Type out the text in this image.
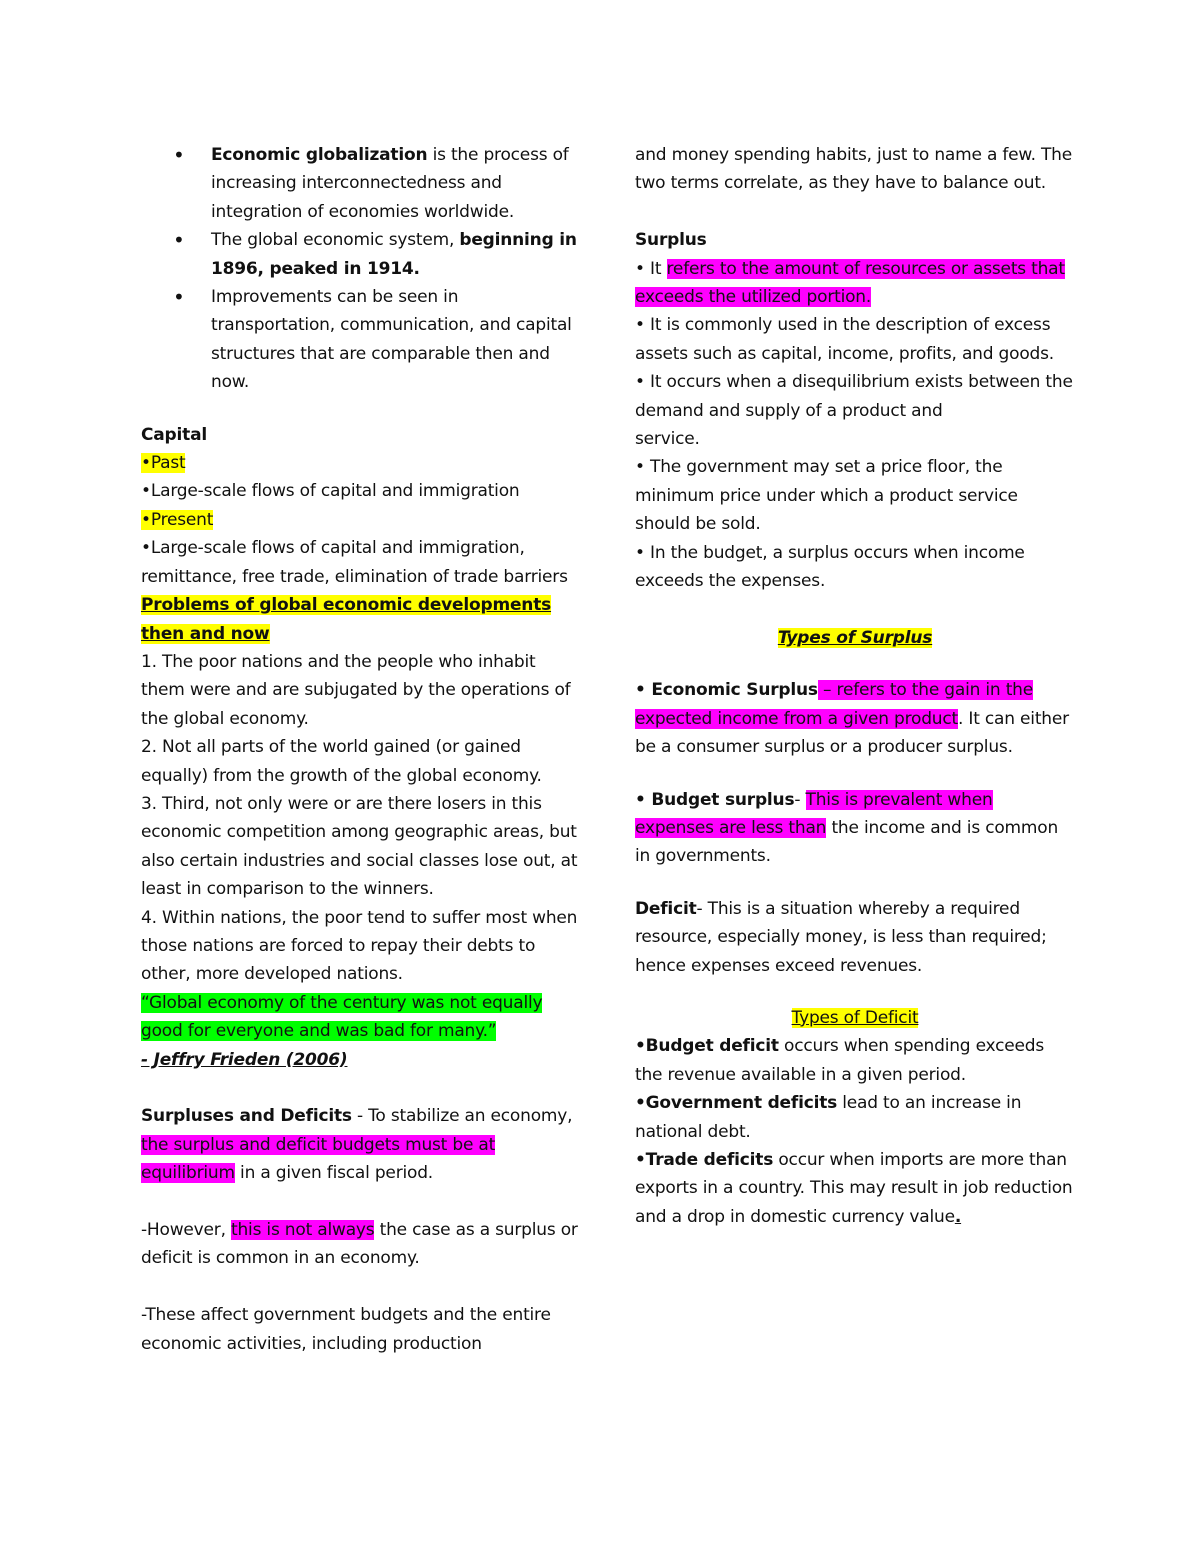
• Economic globalization is the process of increasing interconnectedness and integration of economies worldwide.
• The global economic system, beginning in 1896, peaked in 1914.
• Improvements can be seen in transportation, communication, and capital structures that are comparable then and now.

Capital

•Past

•Large-scale flows of capital and immigration

•Present

•Large-scale flows of capital and immigration, remittance, free trade, elimination of trade barriers

Problems of global economic developments then and now

1. The poor nations and the people who inhabit them were and are subjugated by the operations of the global economy.

2. Not all parts of the world gained (or gained equally) from the growth of the global economy.

3. Third, not only were or are there losers in this economic competition among geographic areas, but also certain industries and social classes lose out, at least in comparison to the winners.

4. Within nations, the poor tend to suffer most when those nations are forced to repay their debts to other, more developed nations.

“Global economy of the century was not equally good for everyone and was bad for many.”

- Jeffry Frieden (2006)

Surpluses and Deficits - To stabilize an economy, the surplus and deficit budgets must be at equilibrium in a given fiscal period.

-However, this is not always the case as a surplus or deficit is common in an economy.

-These affect government budgets and the entire economic activities, including production

and money spending habits, just to name a few. The two terms correlate, as they have to balance out.

Surplus

• It refers to the amount of resources or assets that exceeds the utilized portion.

• It is commonly used in the description of excess assets such as capital, income, profits, and goods.

• It occurs when a disequilibrium exists between the demand and supply of a product and

service.

• The government may set a price floor, the minimum price under which a product service should be sold.

• In the budget, a surplus occurs when income exceeds the expenses.

Types of Surplus

• Economic Surplus – refers to the gain in the expected income from a given product. It can either be a consumer surplus or a producer surplus.

• Budget surplus- This is prevalent when expenses are less than the income and is common in governments.

Deficit- This is a situation whereby a required resource, especially money, is less than required; hence expenses exceed revenues.

Types of Deficit

•Budget deficit occurs when spending exceeds the revenue available in a given period.

•Government deficits lead to an increase in national debt.

•Trade deficits occur when imports are more than exports in a country. This may result in job reduction and a drop in domestic currency value.
